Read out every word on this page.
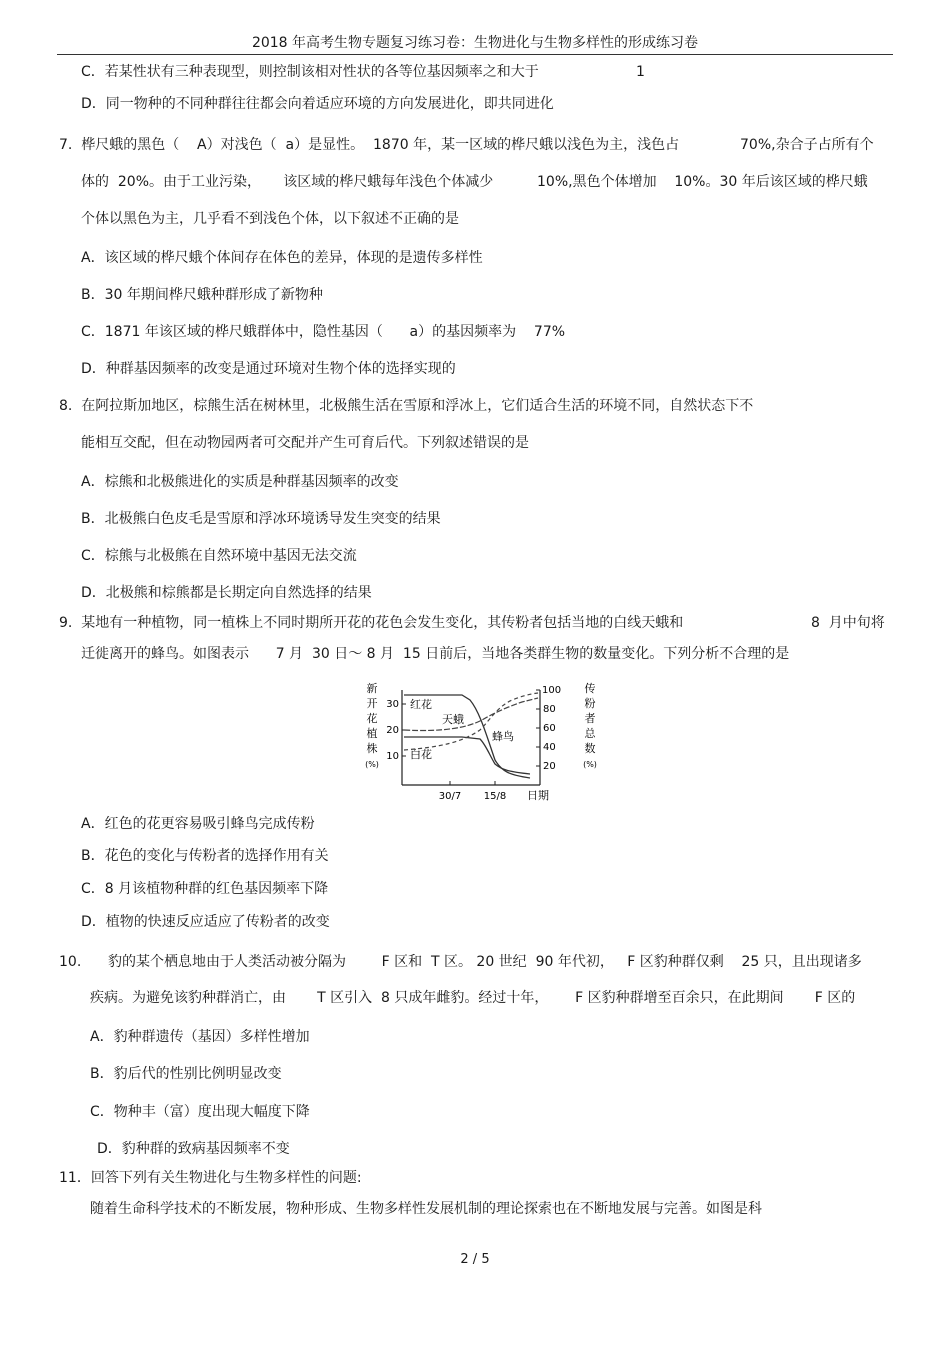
2018 年高考生物专题复习练习卷：生物进化与生物多样性的形成练习卷
C．若某性状有三种表现型，则控制该相对性状的各等位基因频率之和大于	1
D．同一物种的不同种群往往都会向着适应环境的方向发展进化，即共同进化
7.  桦尺蛾的黑色（    A）对浅色（  a）是显性。  1870 年，某一区域的桦尺蛾以浅色为主，浅色占	70%,杂合子占所有个
体的  20%。由于工业污染，     该区域的桦尺蛾每年浅色个体减少	10%,黑色个体增加    10%。30 年后该区域的桦尺蛾
个体以黑色为主，几乎看不到浅色个体，以下叙述不正确的是
A．该区域的桦尺蛾个体间存在体色的差异，体现的是遗传多样性
B．30 年期间桦尺蛾种群形成了新物种
C．1871 年该区域的桦尺蛾群体中，隐性基因（      a）的基因频率为    77%
D．种群基因频率的改变是通过环境对生物个体的选择实现的
8.  在阿拉斯加地区，棕熊生活在树林里，北极熊生活在雪原和浮冰上，它们适合生活的环境不同，自然状态下不
能相互交配，但在动物园两者可交配并产生可育后代。下列叙述错误的是
A．棕熊和北极熊进化的实质是种群基因频率的改变
B．北极熊白色皮毛是雪原和浮冰环境诱导发生突变的结果
C．棕熊与北极熊在自然环境中基因无法交流
D．北极熊和棕熊都是长期定向自然选择的结果
9.  某地有一种植物，同一植株上不同时期所开花的花色会发生变化，其传粉者包括当地的白线天蛾和	8  月中旬将
迁徙离开的蜂鸟。如图表示      7 月  30 日～ 8 月  15 日前后，当地各类群生物的数量变化。下列分析不合理的是
新
开
花
植
株
(%)
传
粉
者
总
数
(%)
30
20
10
100
80
60
40
20
30/7 15/8 日期
红花
白花
天蛾
蜂鸟
A．红色的花更容易吸引蜂鸟完成传粉
B．花色的变化与传粉者的选择作用有关
C．8 月该植物种群的红色基因频率下降
D．植物的快速反应适应了传粉者的改变
10.      豹的某个栖息地由于人类活动被分隔为        F 区和  T 区。 20 世纪  90 年代初，   F 区豹种群仅剩    25 只，且出现诸多
疾病。为避免该豹种群消亡，由       T 区引入  8 只成年雌豹。经过十年，      F 区豹种群增至百余只，在此期间       F 区的
A．豹种群遗传（基因）多样性增加
B．豹后代的性别比例明显改变
C．物种丰（富）度出现大幅度下降
D．豹种群的致病基因频率不变
11．回答下列有关生物进化与生物多样性的问题:
随着生命科学技术的不断发展，物种形成、生物多样性发展机制的理论探索也在不断地发展与完善。如图是科
2 / 5
